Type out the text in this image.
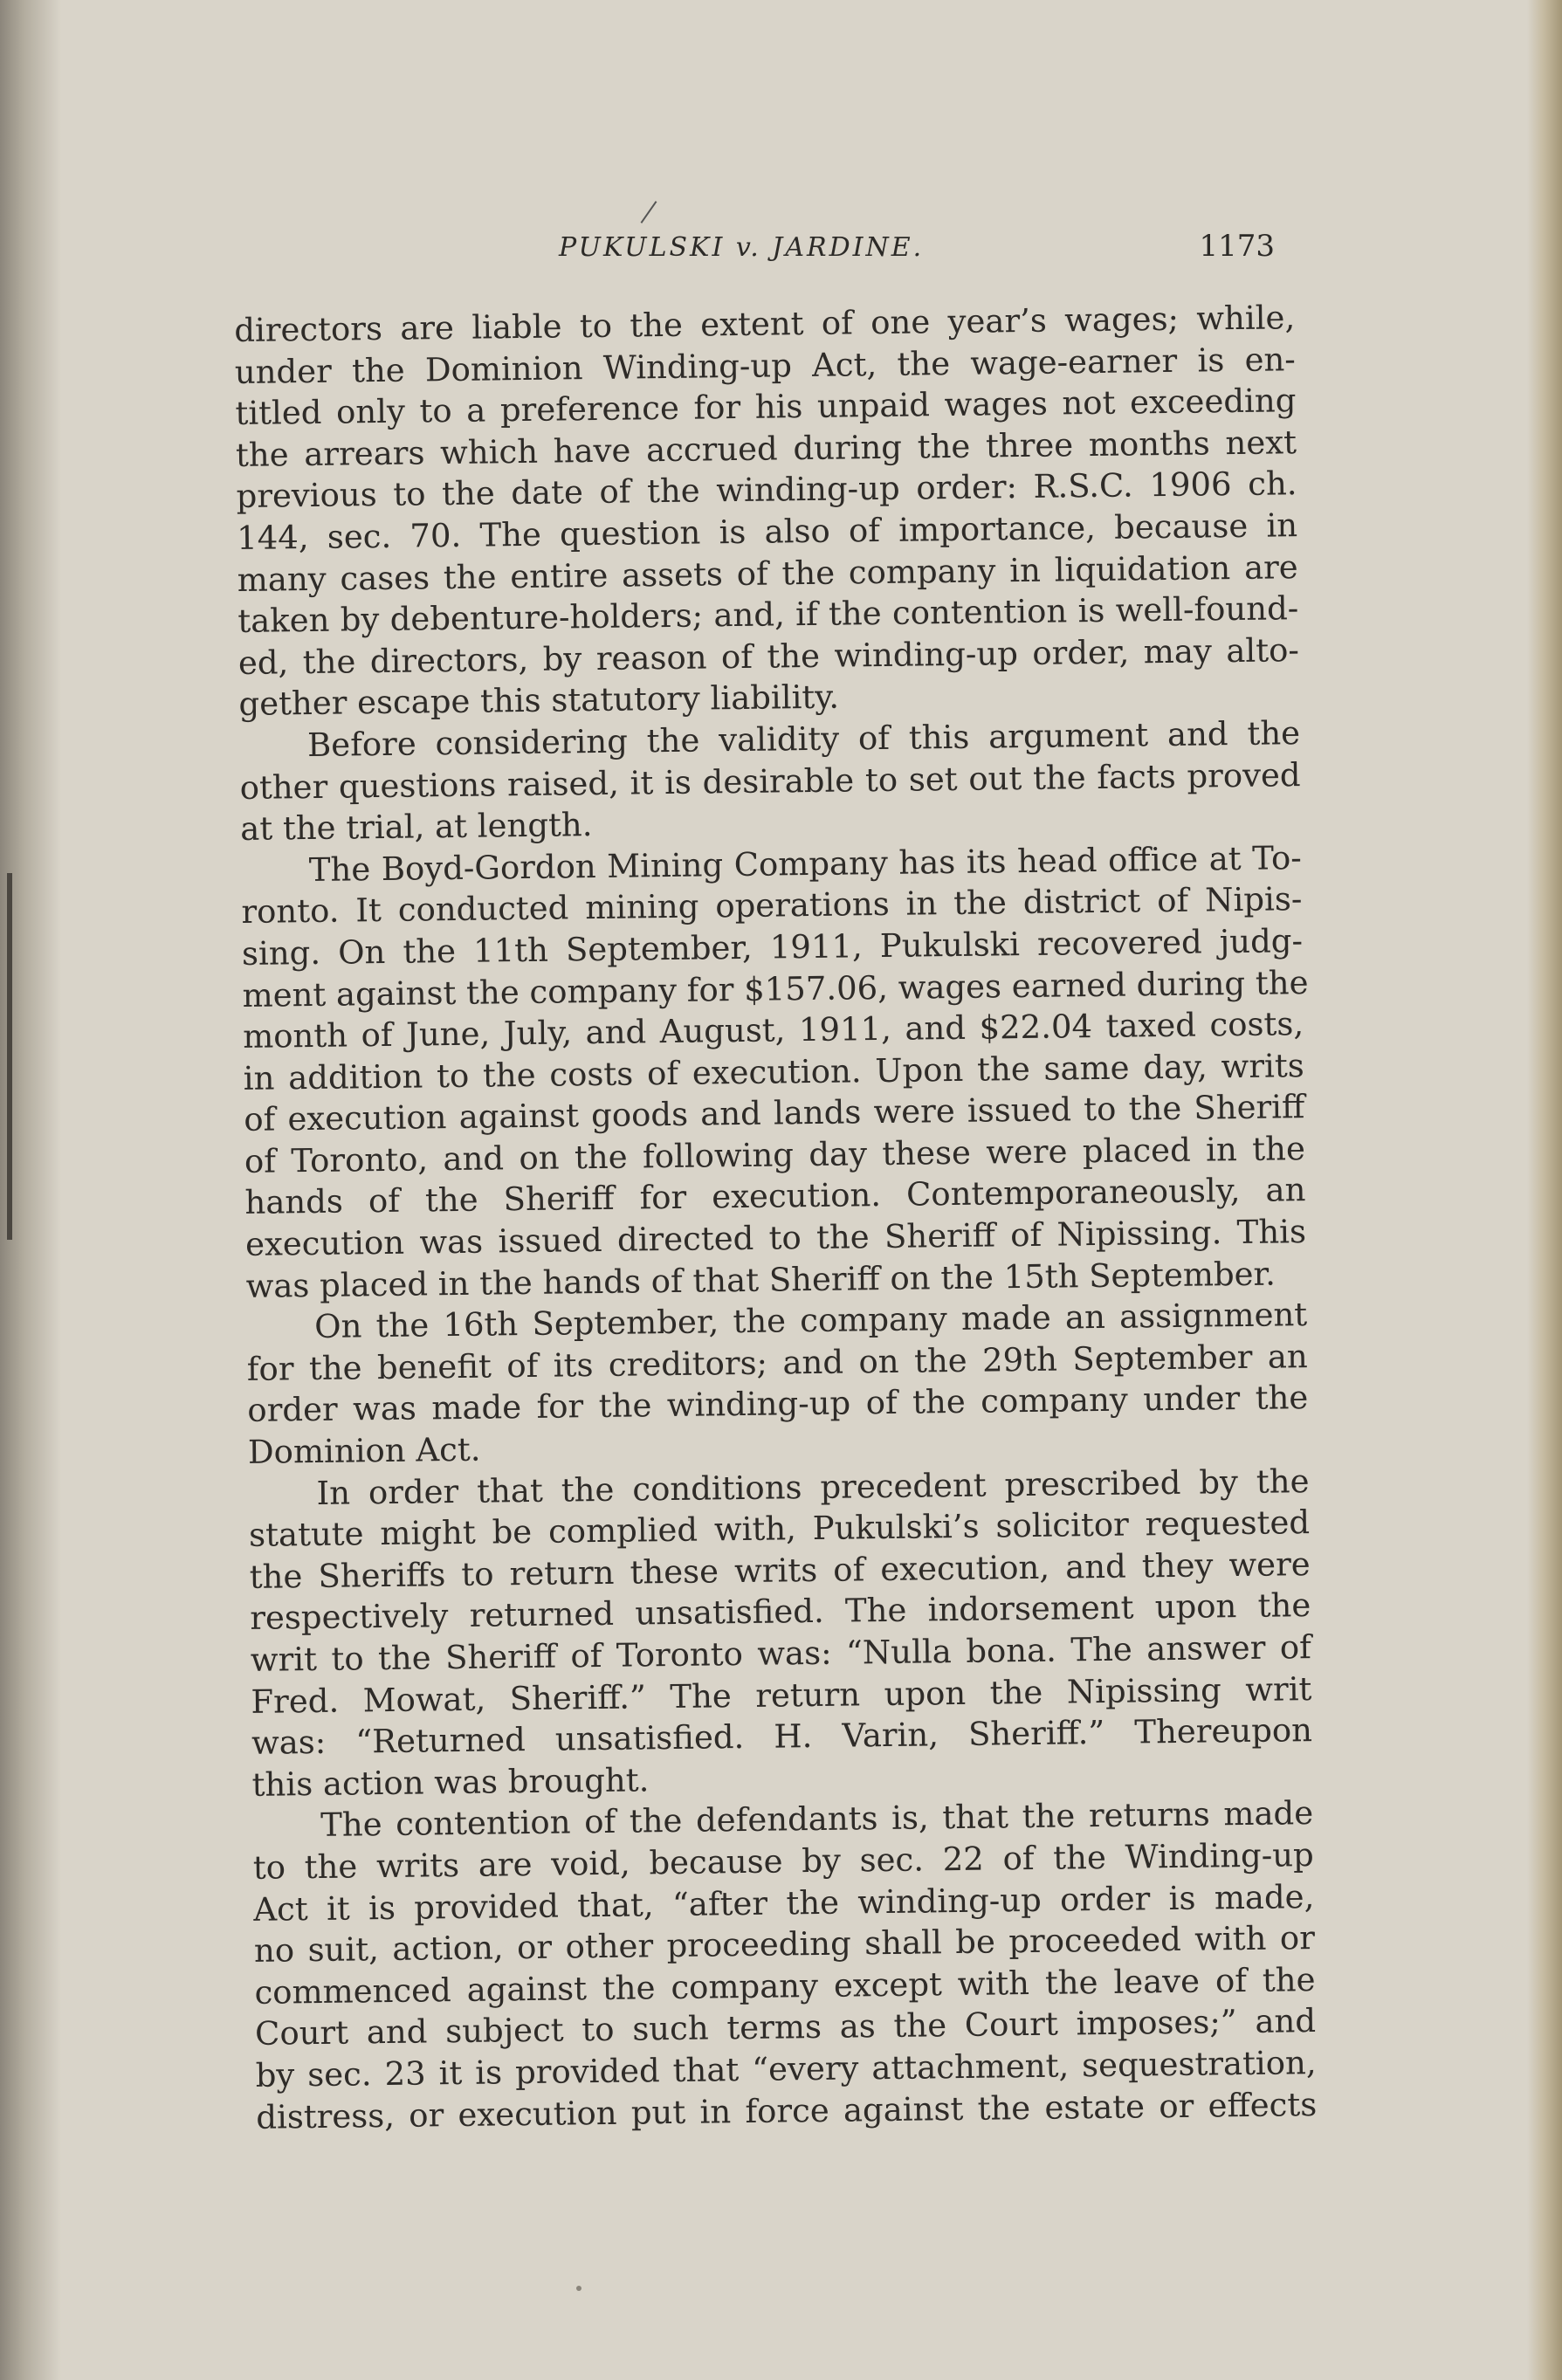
PUKULSKI v. JARDINE.	1173
directors are liable to the extent of one year’s wages; while,
under the Dominion Winding-up Act, the wage-earner is en-
titled only to a preference for his unpaid wages not exceeding
the arrears which have accrued during the three months next
previous to the date of the winding-up order: R.S.C. 1906 ch.
144, sec. 70. The question is also of importance, because in
many cases the entire assets of the company in liquidation are
taken by debenture-holders; and, if the contention is well-found-
ed, the directors, by reason of the winding-up order, may alto-
gether escape this statutory liability.
Before considering the validity of this argument and the
other questions raised, it is desirable to set out the facts proved
at the trial, at length.
The Boyd-Gordon Mining Company has its head office at To-
ronto. It conducted mining operations in the district of Nipis-
sing. On the 11th September, 1911, Pukulski recovered judg-
ment against the company for $157.06, wages earned during the
month of June, July, and August, 1911, and $22.04 taxed costs,
in addition to the costs of execution. Upon the same day, writs
of execution against goods and lands were issued to the Sheriff
of Toronto, and on the following day these were placed in the
hands of the Sheriff for execution. Contemporaneously, an
execution was issued directed to the Sheriff of Nipissing. This
was placed in the hands of that Sheriff on the 15th September.
On the 16th September, the company made an assignment
for the benefit of its creditors; and on the 29th September an
order was made for the winding-up of the company under the
Dominion Act.
In order that the conditions precedent prescribed by the
statute might be complied with, Pukulski’s solicitor requested
the Sheriffs to return these writs of execution, and they were
respectively returned unsatisfied. The indorsement upon the
writ to the Sheriff of Toronto was: “Nulla bona. The answer of
Fred. Mowat, Sheriff.” The return upon the Nipissing writ
was: “Returned unsatisfied. H. Varin, Sheriff.” Thereupon
this action was brought.
The contention of the defendants is, that the returns made
to the writs are void, because by sec. 22 of the Winding-up
Act it is provided that, “after the winding-up order is made,
no suit, action, or other proceeding shall be proceeded with or
commenced against the company except with the leave of the
Court and subject to such terms as the Court imposes;” and
by sec. 23 it is provided that “every attachment, sequestration,
distress, or execution put in force against the estate or effects
